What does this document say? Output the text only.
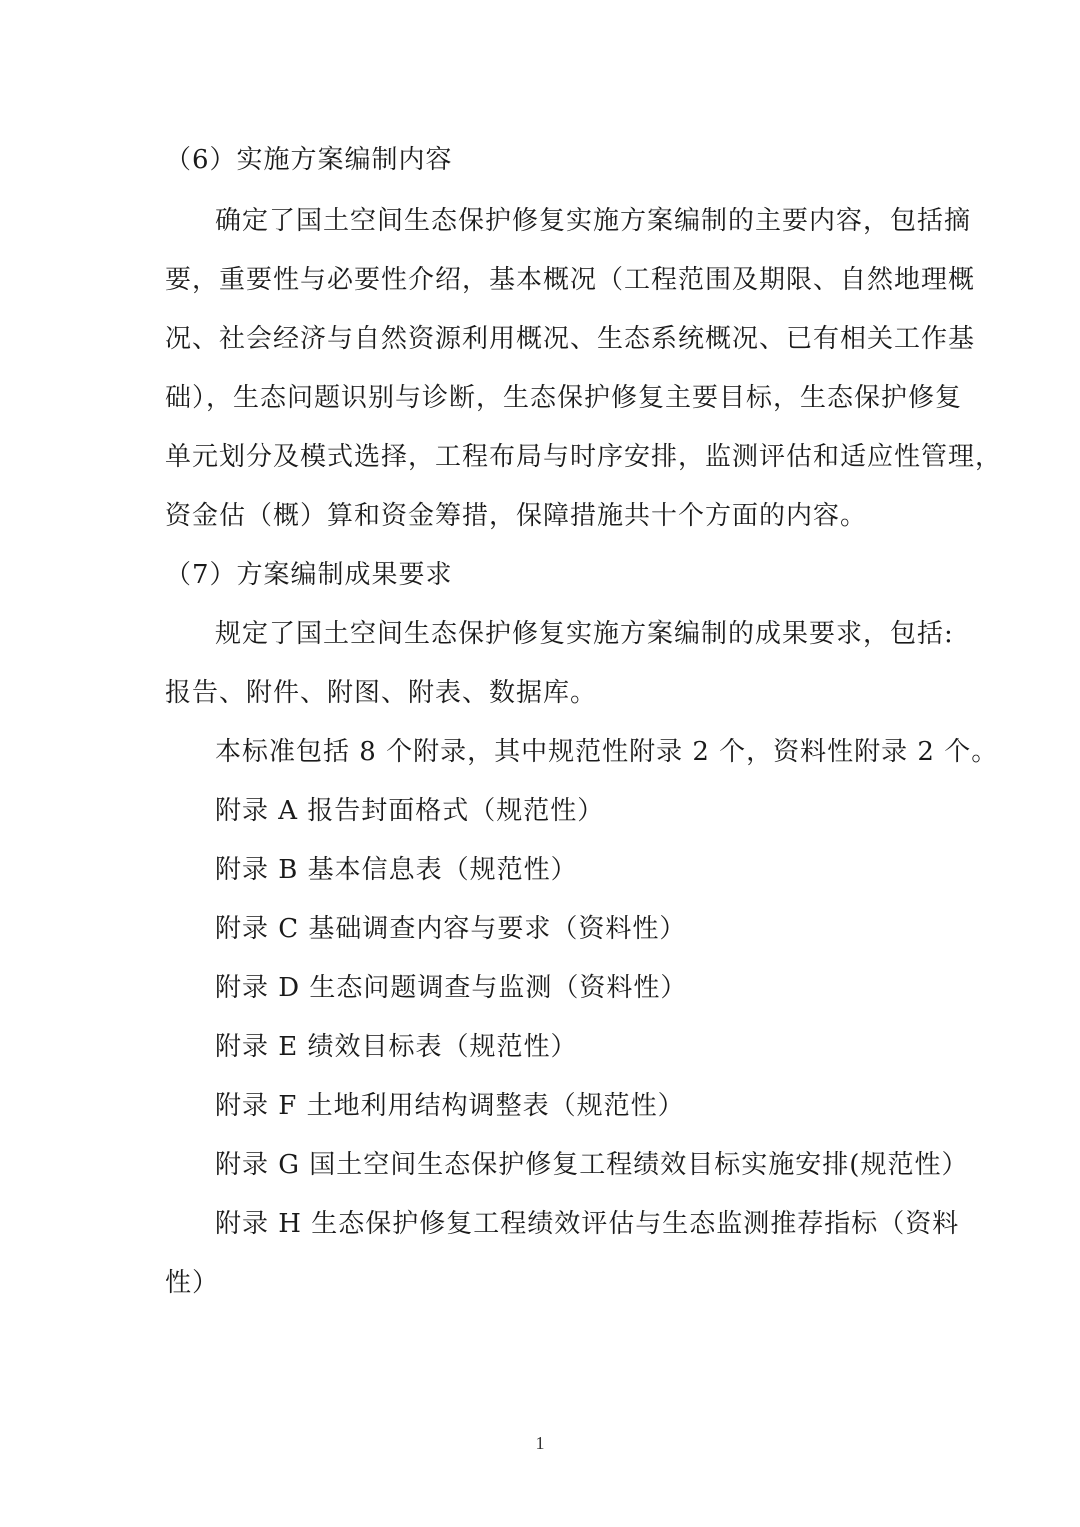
（6）实施方案编制内容
确定了国土空间生态保护修复实施方案编制的主要内容，包括摘
要，重要性与必要性介绍，基本概况（工程范围及期限、自然地理概
况、社会经济与自然资源利用概况、生态系统概况、已有相关工作基
础），生态问题识别与诊断，生态保护修复主要目标，生态保护修复
单元划分及模式选择，工程布局与时序安排，监测评估和适应性管理，
资金估（概）算和资金筹措，保障措施共十个方面的内容。
（7）方案编制成果要求
规定了国土空间生态保护修复实施方案编制的成果要求，包括:
报告、附件、附图、附表、数据库。
本标准包括 8 个附录，其中规范性附录 2 个，资料性附录 2 个。
附录 A 报告封面格式（规范性）
附录 B 基本信息表（规范性）
附录 C 基础调查内容与要求（资料性）
附录 D 生态问题调查与监测（资料性）
附录 E 绩效目标表（规范性）
附录 F 土地利用结构调整表（规范性）
附录 G 国土空间生态保护修复工程绩效目标实施安排(规范性）
附录 H 生态保护修复工程绩效评估与生态监测推荐指标（资料
性）
1
